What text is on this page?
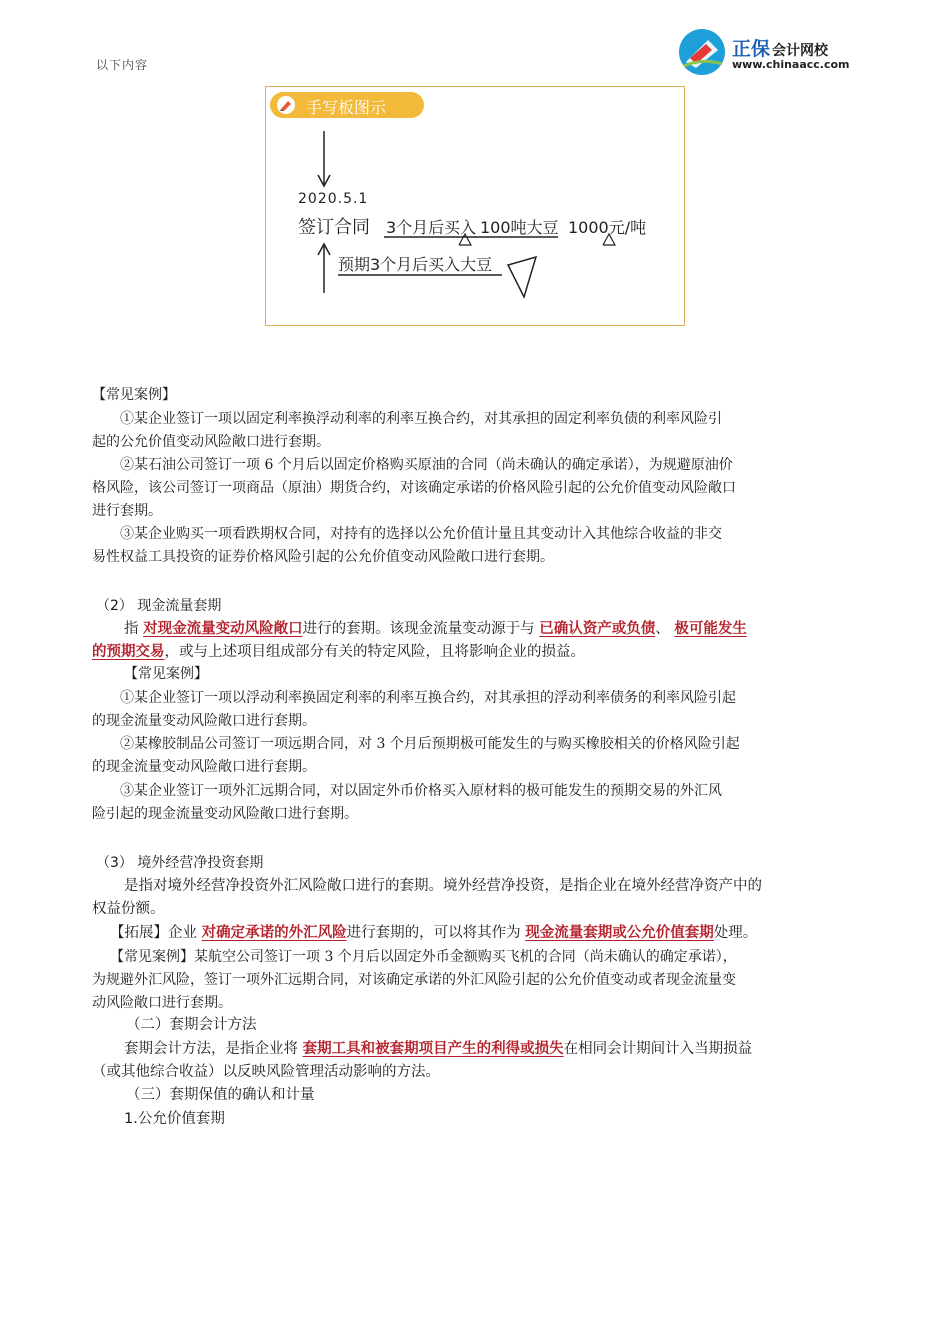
以下内容
正保 会计网校
www.chinaacc.com
手写板图示
2020.5.1
签订合同 3个月后买入 100吨大豆 1000元/吨
预期3个月后买入大豆
【常见案例】
①某企业签订一项以固定利率换浮动利率的利率互换合约，对其承担的固定利率负债的利率风险引
起的公允价值变动风险敞口进行套期。
②某石油公司签订一项 6 个月后以固定价格购买原油的合同（尚未确认的确定承诺），为规避原油价
格风险，该公司签订一项商品（原油）期货合约，对该确定承诺的价格风险引起的公允价值变动风险敞口
进行套期。
③某企业购买一项看跌期权合同，对持有的选择以公允价值计量且其变动计入其他综合收益的非交
易性权益工具投资的证券价格风险引起的公允价值变动风险敞口进行套期。
（2） 现金流量套期
指 对现金流量变动风险敞口进行的套期。该现金流量变动源于与 已确认资产或负债、 极可能发生
的预期交易，或与上述项目组成部分有关的特定风险，且将影响企业的损益。
【常见案例】
①某企业签订一项以浮动利率换固定利率的利率互换合约，对其承担的浮动利率债务的利率风险引起
的现金流量变动风险敞口进行套期。
②某橡胶制品公司签订一项远期合同，对 3 个月后预期极可能发生的与购买橡胶相关的价格风险引起
的现金流量变动风险敞口进行套期。
③某企业签订一项外汇远期合同，对以固定外币价格买入原材料的极可能发生的预期交易的外汇风
险引起的现金流量变动风险敞口进行套期。
（3） 境外经营净投资套期
是指对境外经营净投资外汇风险敞口进行的套期。境外经营净投资，是指企业在境外经营净资产中的
权益份额。
【拓展】企业 对确定承诺的外汇风险进行套期的，可以将其作为 现金流量套期或公允价值套期处理。
【常见案例】某航空公司签订一项 3 个月后以固定外币金额购买飞机的合同（尚未确认的确定承诺），
为规避外汇风险，签订一项外汇远期合同，对该确定承诺的外汇风险引起的公允价值变动或者现金流量变
动风险敞口进行套期。
（二）套期会计方法
套期会计方法，是指企业将 套期工具和被套期项目产生的利得或损失在相同会计期间计入当期损益
（或其他综合收益）以反映风险管理活动影响的方法。
（三）套期保值的确认和计量
1.公允价值套期
